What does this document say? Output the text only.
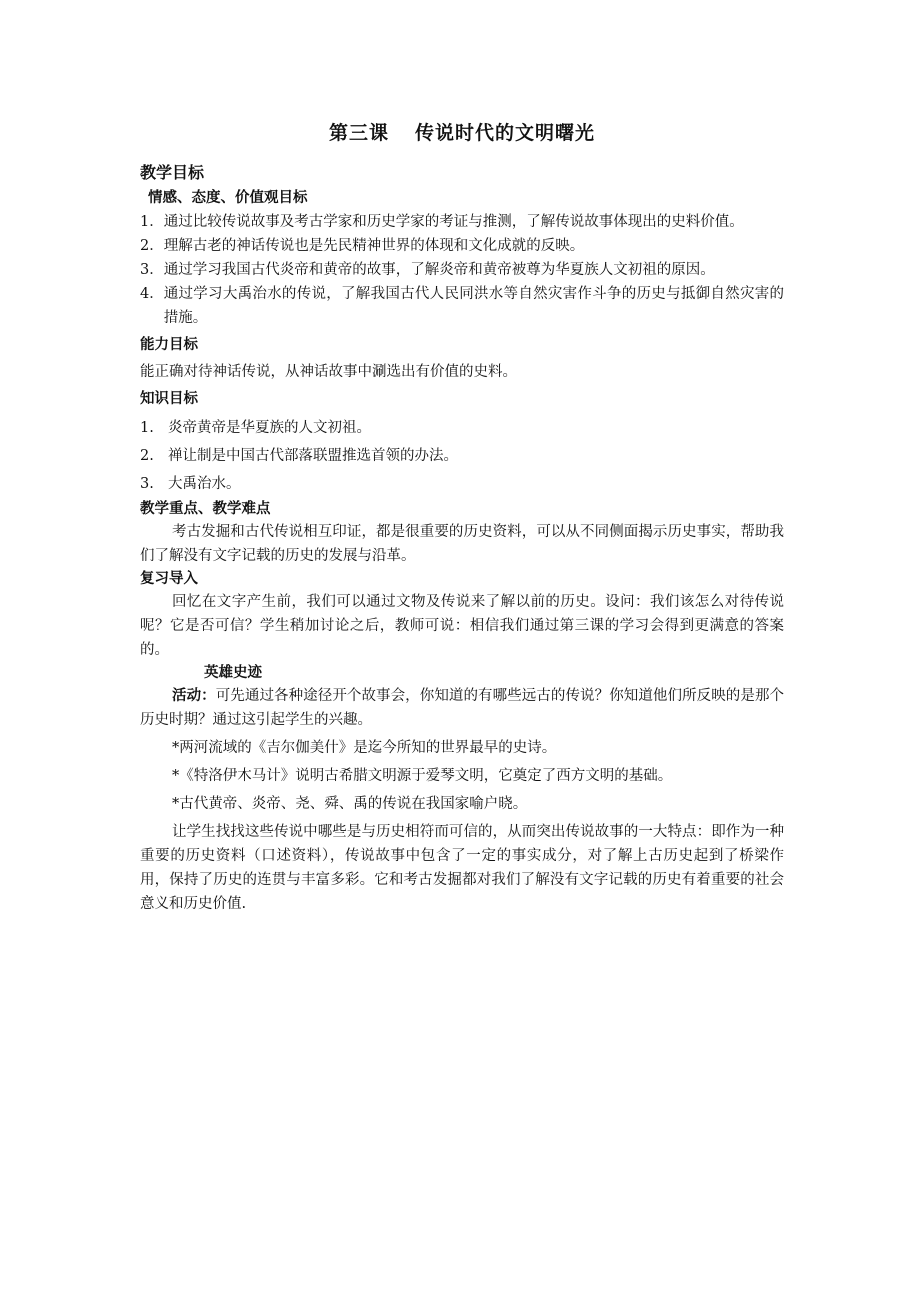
第三课 传说时代的文明曙光
教学目标
情感、态度、价值观目标
1． 通过比较传说故事及考古学家和历史学家的考证与推测，了解传说故事体现出的史料价值。

2． 理解古老的神话传说也是先民精神世界的体现和文化成就的反映。

3． 通过学习我国古代炎帝和黄帝的故事，了解炎帝和黄帝被尊为华夏族人文初祖的原因。

4． 通过学习大禹治水的传说，了解我国古代人民同洪水等自然灾害作斗争的历史与抵御自然灾害的措施。

能力目标

能正确对待神话传说，从神话故事中涮选出有价值的史料。

知识目标
1. 炎帝黄帝是华夏族的人文初祖。
2. 禅让制是中国古代部落联盟推选首领的办法。
3. 大禹治水。
教学重点、教学难点

考古发掘和古代传说相互印证，都是很重要的历史资料，可以从不同侧面揭示历史事实，帮助我们了解没有文字记载的历史的发展与沿革。

复习导入

回忆在文字产生前，我们可以通过文物及传说来了解以前的历史。设问：我们该怎么对待传说呢？它是否可信？学生稍加讨论之后，教师可说：相信我们通过第三课的学习会得到更满意的答案的。

英雄史迹

活动：可先通过各种途径开个故事会，你知道的有哪些远古的传说？你知道他们所反映的是那个历史时期？通过这引起学生的兴趣。

*两河流域的《吉尔伽美什》是迄今所知的世界最早的史诗。

*《特洛伊木马计》说明古希腊文明源于爱琴文明，它奠定了西方文明的基础。

*古代黄帝、炎帝、尧、舜、禹的传说在我国家喻户晓。

让学生找找这些传说中哪些是与历史相符而可信的，从而突出传说故事的一大特点：即作为一种重要的历史资料（口述资料），传说故事中包含了一定的事实成分，对了解上古历史起到了桥梁作用，保持了历史的连贯与丰富多彩。它和考古发掘都对我们了解没有文字记载的历史有着重要的社会意义和历史价值.
